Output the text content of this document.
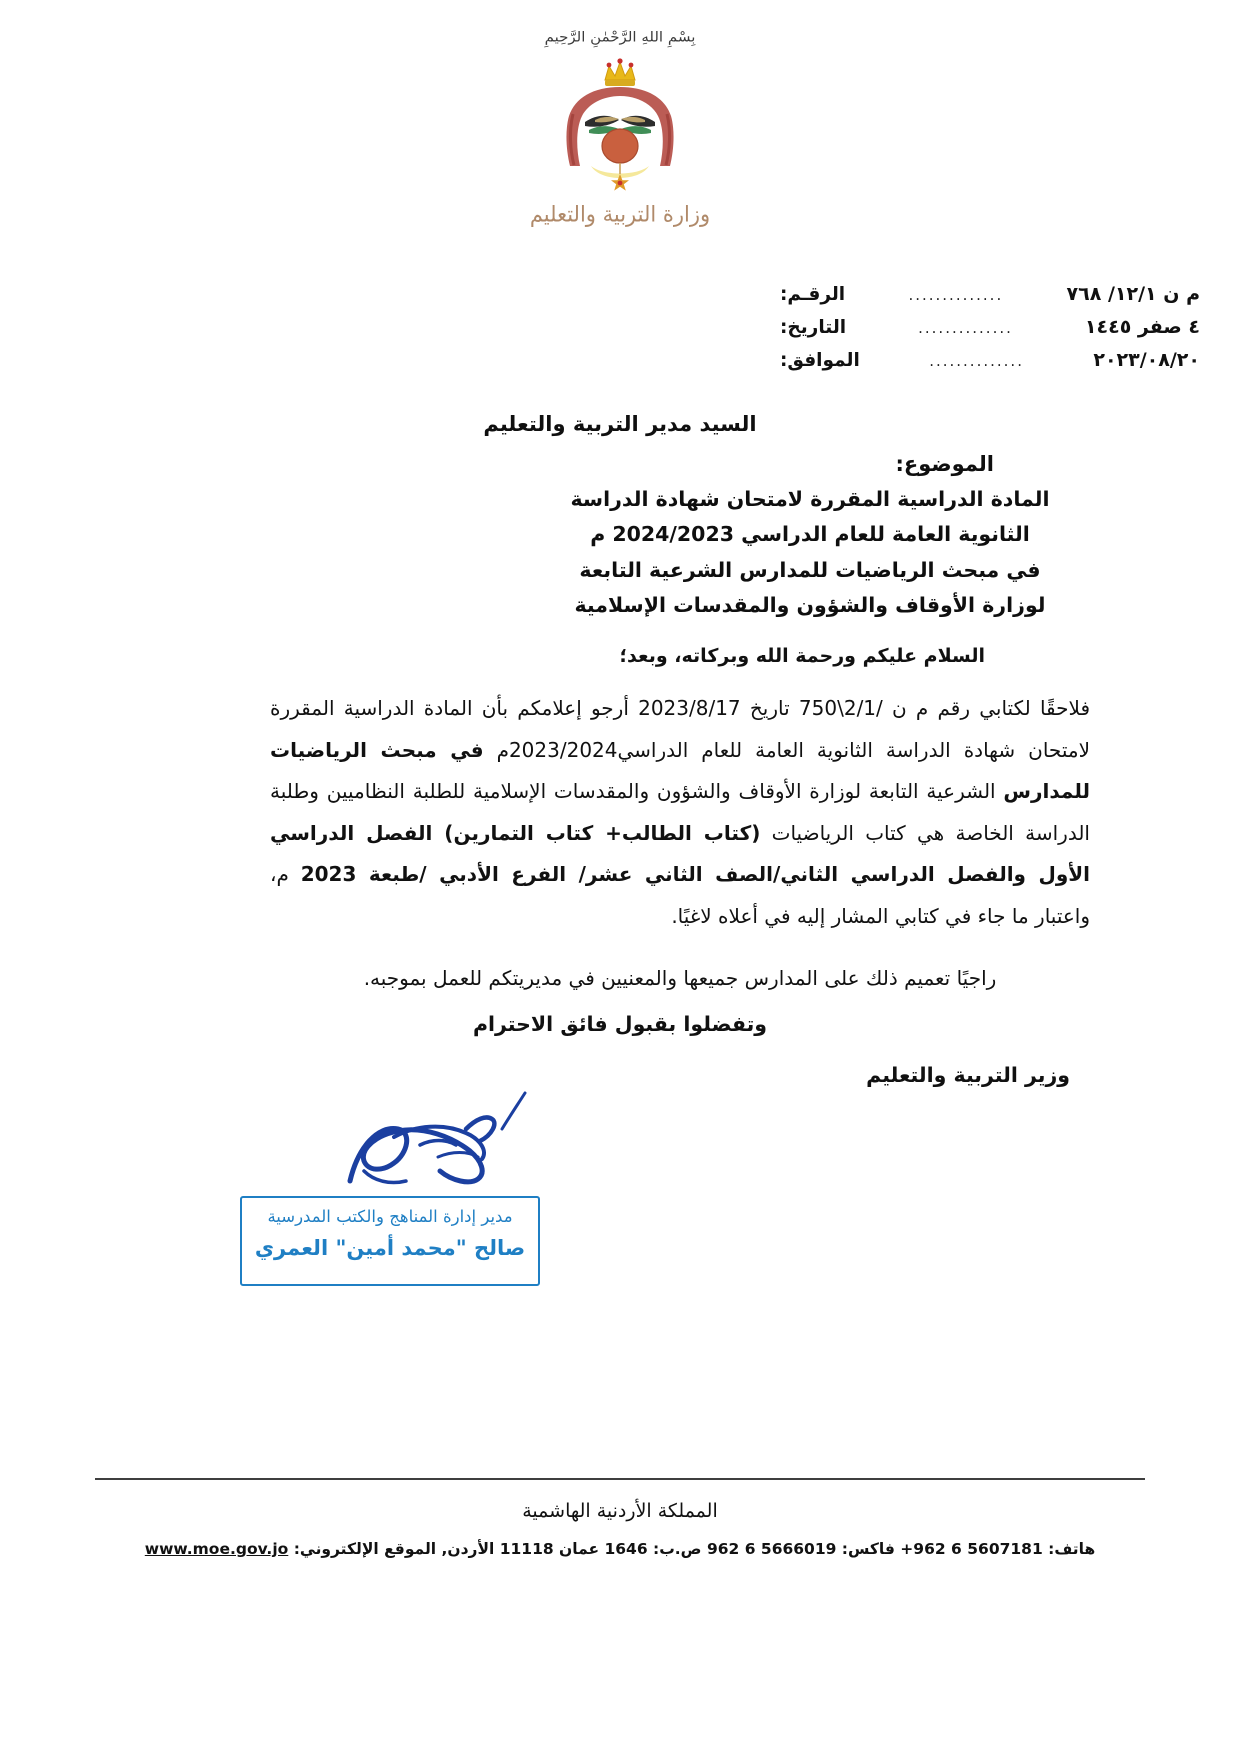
بِسْمِ اللهِ الرَّحْمٰنِ الرَّحِيمِ
وزارة التربية والتعليم
الرقـم:	..............	م ن ١٢/١/ ٧٦٨
التاريخ:	..............	٤ صفر ١٤٤٥
الموافق:	..............	٢٠٢٣/٠٨/٢٠
السيد مدير التربية والتعليم
الموضوع:
المادة الدراسية المقررة لامتحان شهادة الدراسة
الثانوية العامة للعام الدراسي 2024/2023 م
في مبحث الرياضيات للمدارس الشرعية التابعة
لوزارة الأوقاف والشؤون والمقدسات الإسلامية
السلام عليكم ورحمة الله وبركاته، وبعد؛

فلاحقًا لكتابي رقم م ن /2/1\750 تاريخ 2023/8/17 أرجو إعلامكم بأن المادة الدراسية المقررة لامتحان شهادة الدراسة الثانوية العامة للعام الدراسي2023/2024م في مبحث الرياضيات للمدارس الشرعية التابعة لوزارة الأوقاف والشؤون والمقدسات الإسلامية للطلبة النظاميين وطلبة الدراسة الخاصة هي كتاب الرياضيات (كتاب الطالب+ كتاب التمارين) الفصل الدراسي الأول والفصل الدراسي الثاني/الصف الثاني عشر/ الفرع الأدبي /طبعة 2023 م، واعتبار ما جاء في كتابي المشار إليه في أعلاه لاغيًا.

راجيًا تعميم ذلك على المدارس جميعها والمعنيين في مديريتكم للعمل بموجبه.
وتفضلوا بقبول فائق الاحترام
وزير التربية والتعليم
مدير إدارة المناهج والكتب المدرسية
صالح "محمد أمين" العمري
المملكة الأردنية الهاشمية
هاتف: 5607181 6 962+ فاكس: 5666019 6 962 ص.ب: 1646 عمان 11118 الأردن, الموقع الإلكتروني: www.moe.gov.jo
